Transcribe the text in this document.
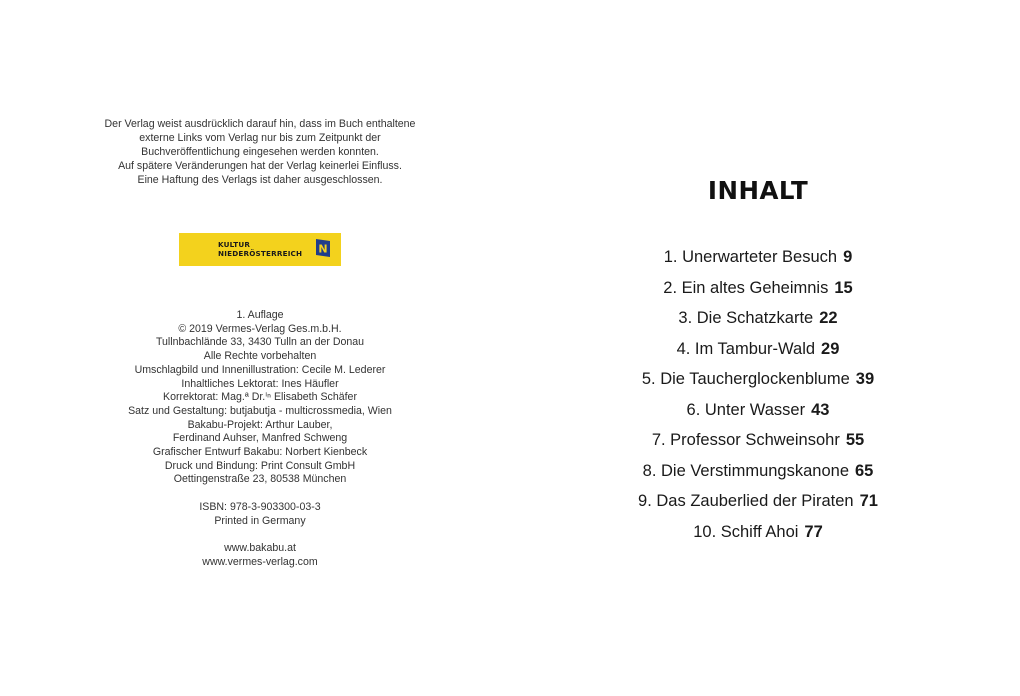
Der Verlag weist ausdrücklich darauf hin, dass im Buch enthaltene
externe Links vom Verlag nur bis zum Zeitpunkt der
Buchveröffentlichung eingesehen werden konnten.
Auf spätere Veränderungen hat der Verlag keinerlei Einfluss.
Eine Haftung des Verlags ist daher ausgeschlossen.
KULTUR
NIEDERÖSTERREICH N
1. Auflage
© 2019 Vermes-Verlag Ges.m.b.H.
Tullnbachlände 33, 3430 Tulln an der Donau
Alle Rechte vorbehalten
Umschlagbild und Innenillustration: Cecile M. Lederer
Inhaltliches Lektorat: Ines Häufler
Korrektorat: Mag.ª Dr.ⁱⁿ Elisabeth Schäfer
Satz und Gestaltung: butjabutja - multicrossmedia, Wien
Bakabu-Projekt: Arthur Lauber,
Ferdinand Auhser, Manfred Schweng
Grafischer Entwurf Bakabu: Norbert Kienbeck
Druck und Bindung: Print Consult GmbH
Oettingenstraße 23, 80538 München
ISBN: 978-3-903300-03-3
Printed in Germany
www.bakabu.at
www.vermes-verlag.com
INHALT
1. Unerwarteter Besuch 9
2. Ein altes Geheimnis 15
3. Die Schatzkarte 22
4. Im Tambur-Wald 29
5. Die Taucherglockenblume 39
6. Unter Wasser 43
7. Professor Schweinsohr 55
8. Die Verstimmungskanone 65
9. Das Zauberlied der Piraten 71
10. Schiff Ahoi 77
